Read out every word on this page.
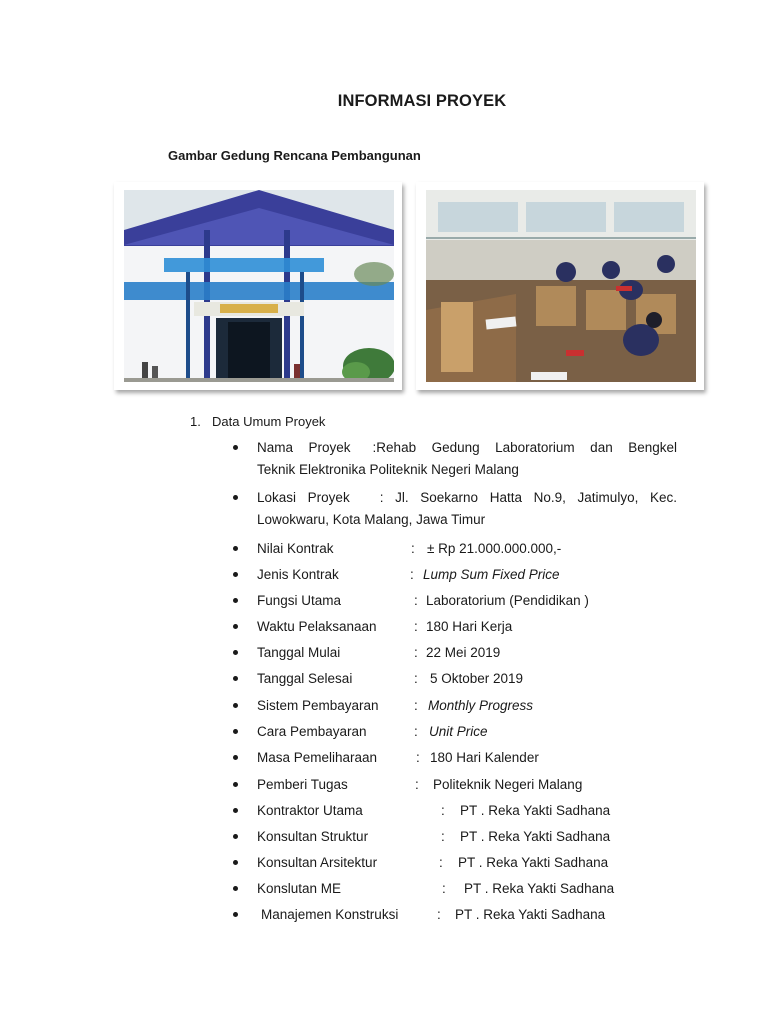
INFORMASI PROYEK
Gambar Gedung Rencana Pembangunan
1. Data Umum Proyek
Nama Proyek :Rehab Gedung Laboratorium dan Bengkel
Teknik Elektronika Politeknik Negeri Malang
Lokasi Proyek : Jl. Soekarno Hatta No.9, Jatimulyo, Kec.
Lowokwaru, Kota Malang, Jawa Timur
Nilai Kontrak	: ± Rp 21.000.000.000,-
Jenis Kontrak	: Lump Sum Fixed Price
Fungsi Utama	: Laboratorium (Pendidikan )
Waktu Pelaksanaan	: 180 Hari Kerja
Tanggal Mulai	: 22 Mei 2019
Tanggal Selesai	: 5 Oktober 2019
Sistem Pembayaran	: Monthly Progress
Cara Pembayaran	: Unit Price
Masa Pemeliharaan	: 180 Hari Kalender
Pemberi Tugas	: Politeknik Negeri Malang
Kontraktor Utama	: PT . Reka Yakti Sadhana
Konsultan Struktur	: PT . Reka Yakti Sadhana
Konsultan Arsitektur	: PT . Reka Yakti Sadhana
Konslutan ME	: PT . Reka Yakti Sadhana
Manajemen Konstruksi	: PT . Reka Yakti Sadhana
